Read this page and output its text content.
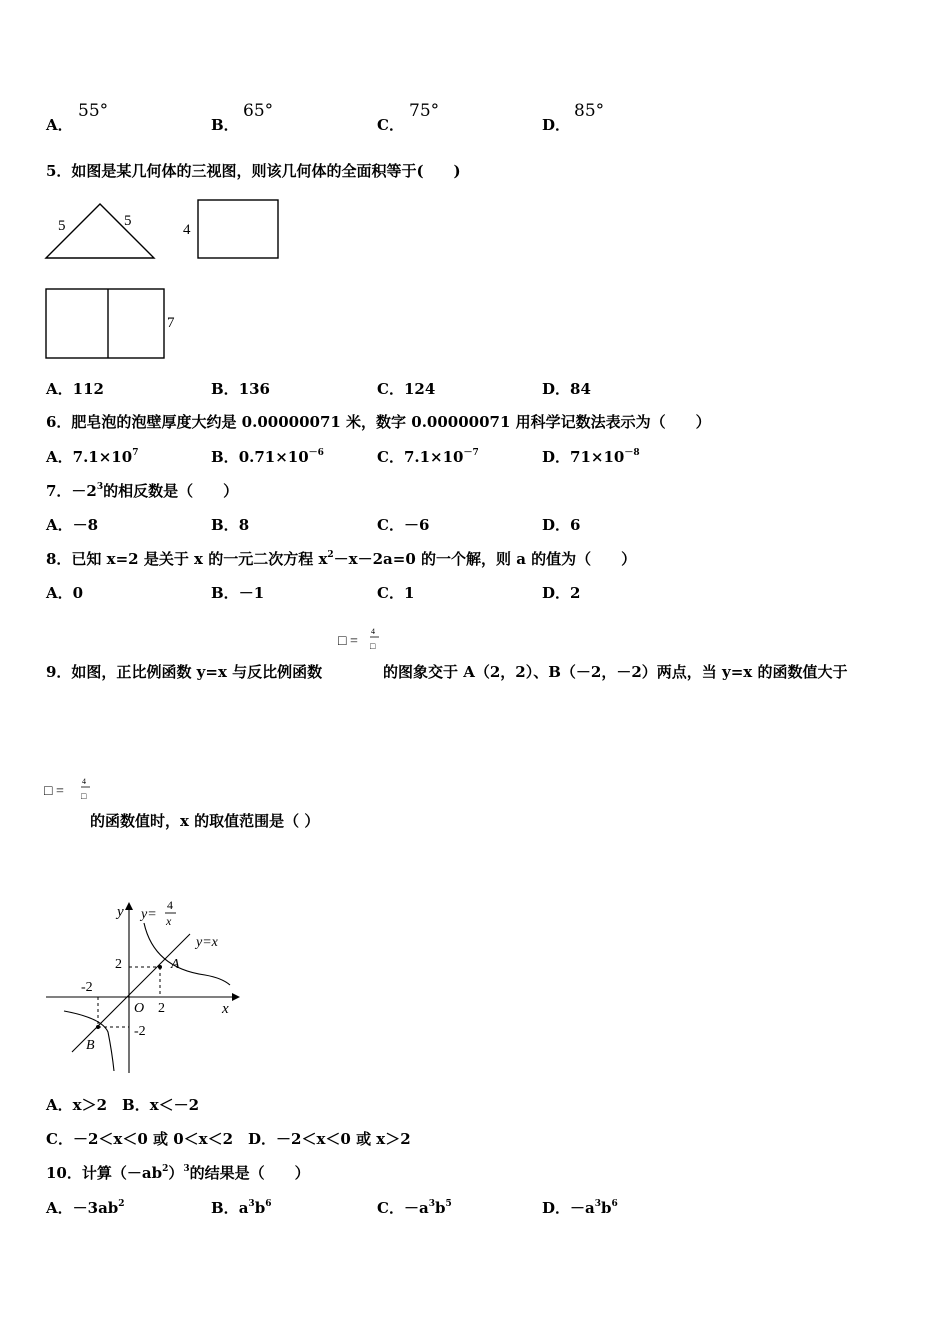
A．
55°
B．
65°
C．
75°
D．
85°
5．如图是某几何体的三视图，则该几何体的全面积等于(　　)
5	5
4
7
A．112	B．136	C．124	D．84
6．肥皂泡的泡壁厚度大约是 0.00000071 米，数字 0.00000071 用科学记数法表示为（　　）
A．$7.1\times 10^7$	B．$0.71\times 10^{-6}$	C．$7.1\times 10^{-7}$	D．$71\times 10^{-8}$
7．$-2^3$的相反数是（　　）
A．－8	B．8	C．－6	D．6
8．已知 x=2 是关于 x 的一元二次方程 $x^2-x-2a=0$ 的一个解，则 a 的值为（　　）
A．0	B．－1	C．1	D．2
□ =
4
□
9．如图，正比例函数 y=x 与反比例函数	的图象交于 A（2，2）、B（－2，－2）两点，当 y=x 的函数值大于
□ =
4
□
的函数值时，x 的取值范围是（ ）
y
x
y=
4
x
y=x
2
2
-2
-2
O
A
B
A．x＞2　B．x＜－2
C．－2＜x＜0 或 0＜x＜2　D．－2＜x＜0 或 x＞2
10．计算$(-ab^2)^3$的结果是（　　）
A．$-3ab^2$	B．$a^3b^6$	C．$-a^3b^5$	D．$-a^3b^6$
